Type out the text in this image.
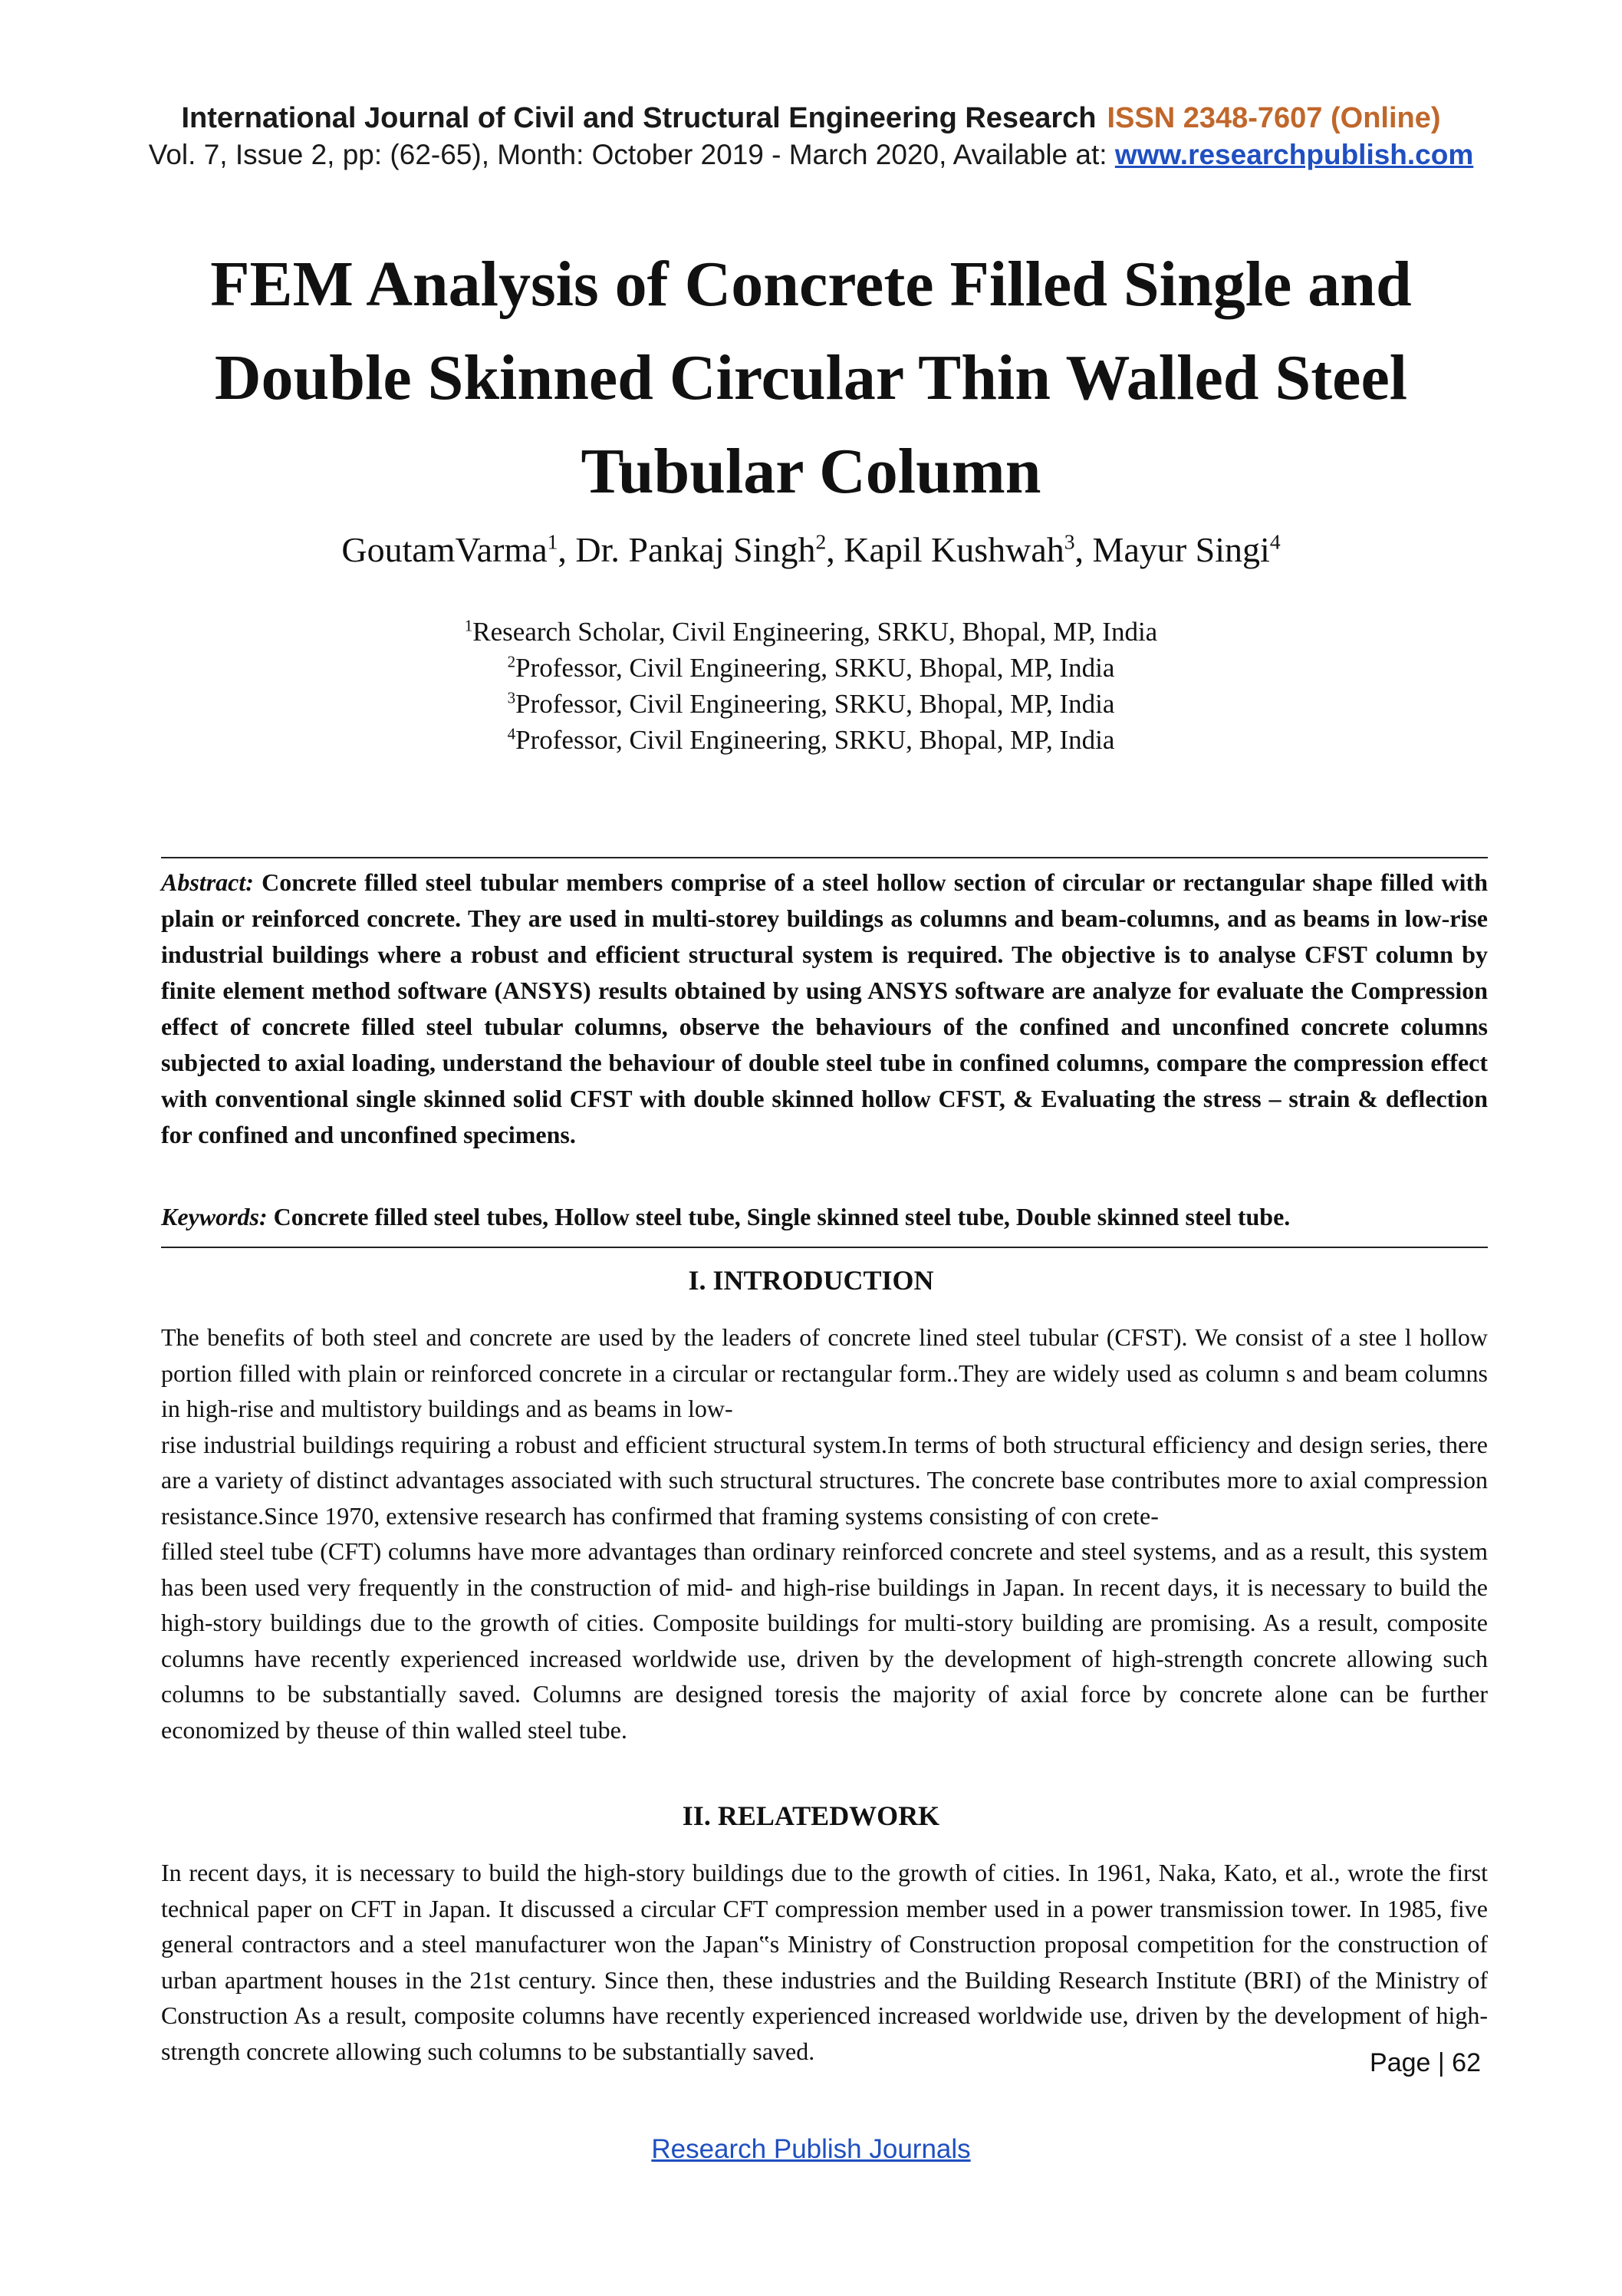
International Journal of Civil and Structural Engineering Research ISSN 2348-7607 (Online)
Vol. 7, Issue 2, pp: (62-65), Month: October 2019 - March 2020, Available at: www.researchpublish.com
FEM Analysis of Concrete Filled Single and Double Skinned Circular Thin Walled Steel Tubular Column
GoutamVarma$^1$, Dr. Pankaj Singh$^2$, Kapil Kushwah$^3$, Mayur Singi$^4$
$^1$Research Scholar, Civil Engineering, SRKU, Bhopal, MP, India
$^2$Professor, Civil Engineering, SRKU, Bhopal, MP, India
$^3$Professor, Civil Engineering, SRKU, Bhopal, MP, India
$^4$Professor, Civil Engineering, SRKU, Bhopal, MP, India
Abstract: Concrete filled steel tubular members comprise of a steel hollow section of circular or rectangular shape filled with plain or reinforced concrete. They are used in multi-storey buildings as columns and beam-columns, and as beams in low-rise industrial buildings where a robust and efficient structural system is required. The objective is to analyse CFST column by finite element method software (ANSYS) results obtained by using ANSYS software are analyze for evaluate the Compression effect of concrete filled steel tubular columns, observe the behaviours of the confined and unconfined concrete columns subjected to axial loading, understand the behaviour of double steel tube in confined columns, compare the compression effect with conventional single skinned solid CFST with double skinned hollow CFST, & Evaluating the stress – strain & deflection for confined and unconfined specimens.
Keywords: Concrete filled steel tubes, Hollow steel tube, Single skinned steel tube, Double skinned steel tube.
I. INTRODUCTION

The benefits of both steel and concrete are used by the leaders of concrete lined steel tubular (CFST). We consist of a stee l hollow portion filled with plain or reinforced concrete in a circular or rectangular form..They are widely used as column s and beam columns in high-rise and multistory buildings and as beams in low-

rise industrial buildings requiring a robust and efficient structural system.In terms of both structural efficiency and design series, there are a variety of distinct advantages associated with such structural structures. The concrete base contributes more to axial compression resistance.Since 1970, extensive research has confirmed that framing systems consisting of con crete-

filled steel tube (CFT) columns have more advantages than ordinary reinforced concrete and steel systems, and as a result, this system has been used very frequently in the construction of mid- and high-rise buildings in Japan. In recent days, it is necessary to build the high-story buildings due to the growth of cities. Composite buildings for multi-story building are promising. As a result, composite columns have recently experienced increased worldwide use, driven by the development of high-strength concrete allowing such columns to be substantially saved. Columns are designed toresis the majority of axial force by concrete alone can be further economized by theuse of thin walled steel tube.

II. RELATEDWORK

In recent days, it is necessary to build the high-story buildings due to the growth of cities. In 1961, Naka, Kato, et al., wrote the first technical paper on CFT in Japan. It discussed a circular CFT compression member used in a power transmission tower. In 1985, five general contractors and a steel manufacturer won the Japan‟s Ministry of Construction proposal competition for the construction of urban apartment houses in the 21st century. Since then, these industries and the Building Research Institute (BRI) of the Ministry of Construction As a result, composite columns have recently experienced increased worldwide use, driven by the development of high-strength concrete allowing such columns to be substantially saved.	Page | 62
Research Publish Journals
